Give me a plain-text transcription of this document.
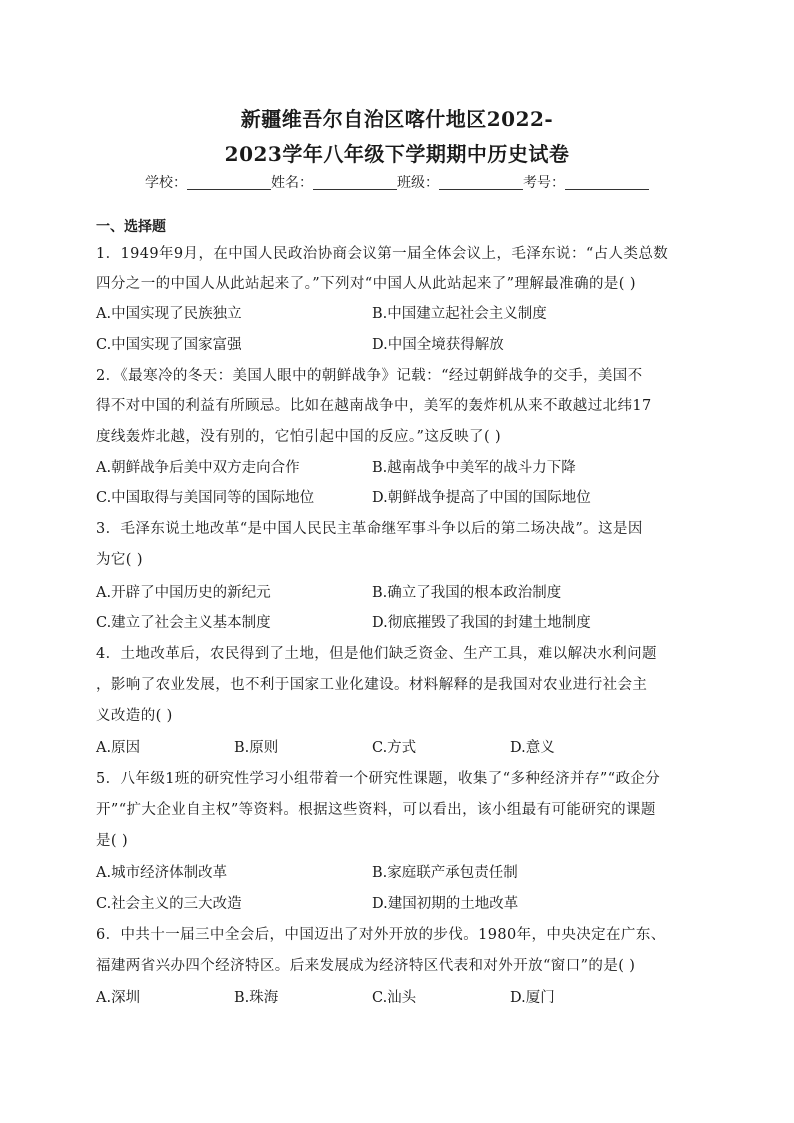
新疆维吾尔自治区喀什地区2022-
2023学年八年级下学期期中历史试卷
学校：	姓名：	班级：	考号：
一、选择题
1．1949年9月，在中国人民政治协商会议第一届全体会议上，毛泽东说：“占人类总数
四分之一的中国人从此站起来了。”下列对“中国人从此站起来了”理解最准确的是( )
A.中国实现了民族独立	B.中国建立起社会主义制度
C.中国实现了国家富强	D.中国全境获得解放
2．《最寒冷的冬天：美国人眼中的朝鲜战争》记载：“经过朝鲜战争的交手，美国不
得不对中国的利益有所顾忌。比如在越南战争中，美军的轰炸机从来不敢越过北纬17
度线轰炸北越，没有别的，它怕引起中国的反应。”这反映了( )
A.朝鲜战争后美中双方走向合作	B.越南战争中美军的战斗力下降
C.中国取得与美国同等的国际地位	D.朝鲜战争提高了中国的国际地位
3．毛泽东说土地改革“是中国人民民主革命继军事斗争以后的第二场决战”。这是因
为它( )
A.开辟了中国历史的新纪元	B.确立了我国的根本政治制度
C.建立了社会主义基本制度	D.彻底摧毁了我国的封建土地制度
4．土地改革后，农民得到了土地，但是他们缺乏资金、生产工具，难以解决水利问题
，影响了农业发展，也不利于国家工业化建设。材料解释的是我国对农业进行社会主
义改造的( )
A.原因	B.原则	C.方式	D.意义
5．八年级1班的研究性学习小组带着一个研究性课题，收集了“多种经济并存”“政企分
开”“扩大企业自主权”等资料。根据这些资料，可以看出，该小组最有可能研究的课题
是( )
A.城市经济体制改革	B.家庭联产承包责任制
C.社会主义的三大改造	D.建国初期的土地改革
6．中共十一届三中全会后，中国迈出了对外开放的步伐。1980年，中央决定在广东、
福建两省兴办四个经济特区。后来发展成为经济特区代表和对外开放“窗口”的是( )
A.深圳	B.珠海	C.汕头	D.厦门
